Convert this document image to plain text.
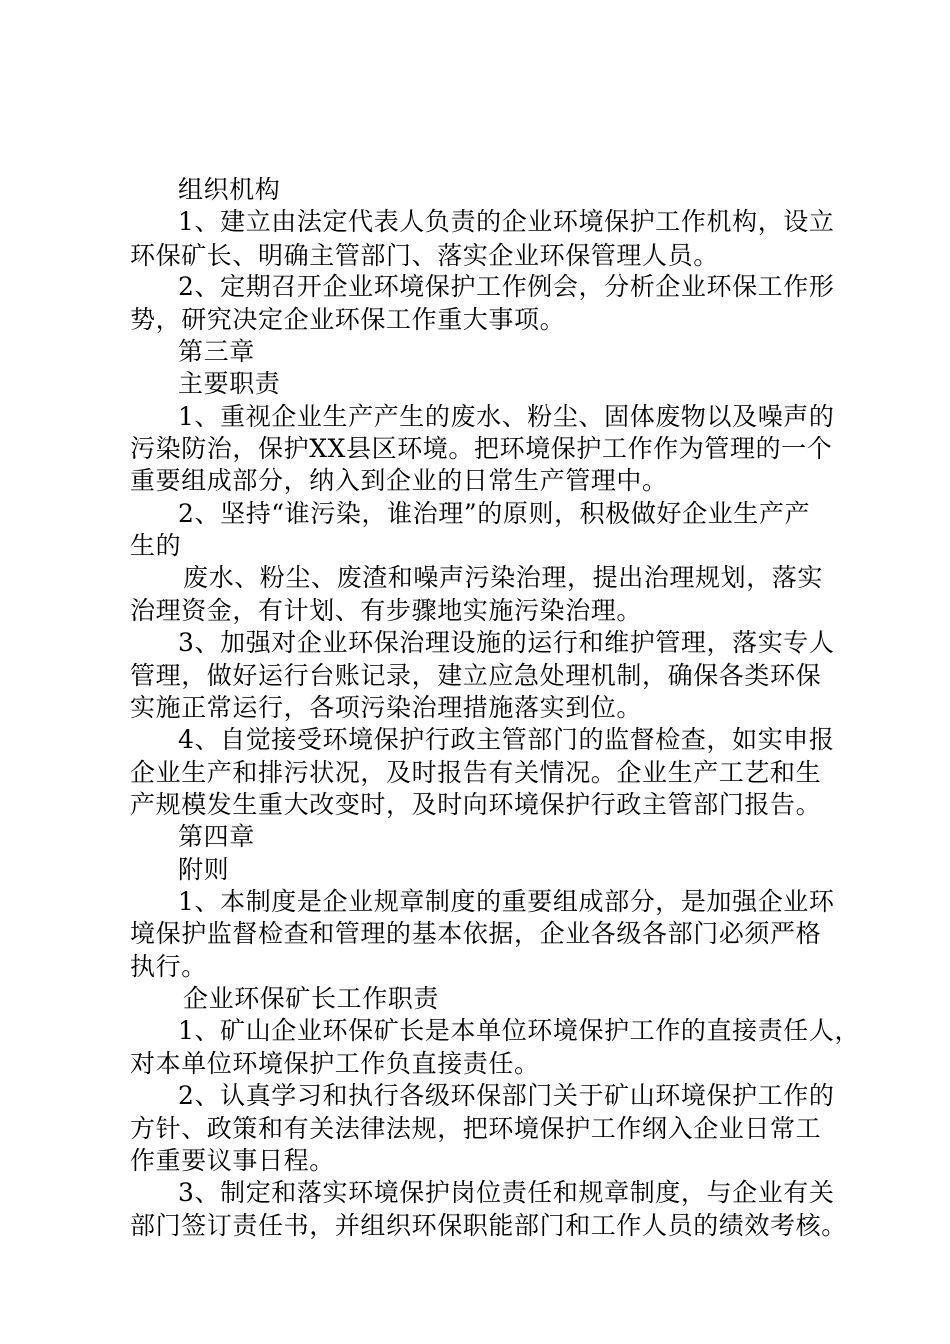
组织机构
1、建立由法定代表人负责的企业环境保护工作机构，设立
环保矿长、明确主管部门、落实企业环保管理人员。
2、定期召开企业环境保护工作例会，分析企业环保工作形
势，研究决定企业环保工作重大事项。
第三章
主要职责
1、重视企业生产产生的废水、粉尘、固体废物以及噪声的
污染防治，保护XX县区环境。把环境保护工作作为管理的一个
重要组成部分，纳入到企业的日常生产管理中。
2、坚持“谁污染，谁治理”的原则，积极做好企业生产产
生的
废水、粉尘、废渣和噪声污染治理，提出治理规划，落实
治理资金，有计划、有步骤地实施污染治理。
3、加强对企业环保治理设施的运行和维护管理，落实专人
管理，做好运行台账记录，建立应急处理机制，确保各类环保
实施正常运行，各项污染治理措施落实到位。
4、自觉接受环境保护行政主管部门的监督检查，如实申报
企业生产和排污状况，及时报告有关情况。企业生产工艺和生
产规模发生重大改变时，及时向环境保护行政主管部门报告。
第四章
附则
1、本制度是企业规章制度的重要组成部分，是加强企业环
境保护监督检查和管理的基本依据，企业各级各部门必须严格
执行。
企业环保矿长工作职责
1、矿山企业环保矿长是本单位环境保护工作的直接责任人，
对本单位环境保护工作负直接责任。
2、认真学习和执行各级环保部门关于矿山环境保护工作的
方针、政策和有关法律法规，把环境保护工作纲入企业日常工
作重要议事日程。
3、制定和落实环境保护岗位责任和规章制度，与企业有关
部门签订责任书，并组织环保职能部门和工作人员的绩效考核。
